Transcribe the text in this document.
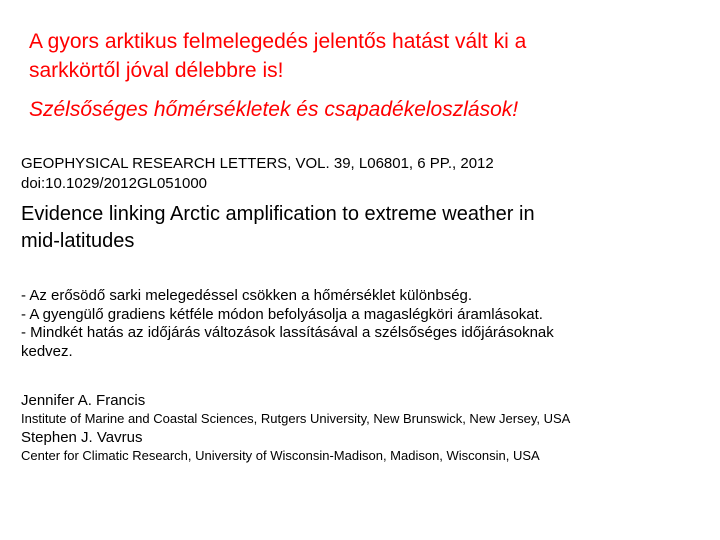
A gyors arktikus felmelegedés jelentős hatást vált ki a
sarkkörtől jóval délebbre is!
Szélsőséges hőmérsékletek és csapadékeloszlások!
GEOPHYSICAL RESEARCH LETTERS, VOL. 39, L06801, 6 PP., 2012
doi:10.1029/2012GL051000
Evidence linking Arctic amplification to extreme weather in
mid-latitudes
- Az erősödő sarki melegedéssel csökken a hőmérséklet különbség.
- A gyengülő gradiens kétféle módon befolyásolja a magaslégköri áramlásokat.
- Mindkét hatás az időjárás változások lassításával a szélsőséges időjárásoknak
kedvez.
Jennifer A. Francis
Institute of Marine and Coastal Sciences, Rutgers University, New Brunswick, New Jersey, USA
Stephen J. Vavrus
Center for Climatic Research, University of Wisconsin-Madison, Madison, Wisconsin, USA
